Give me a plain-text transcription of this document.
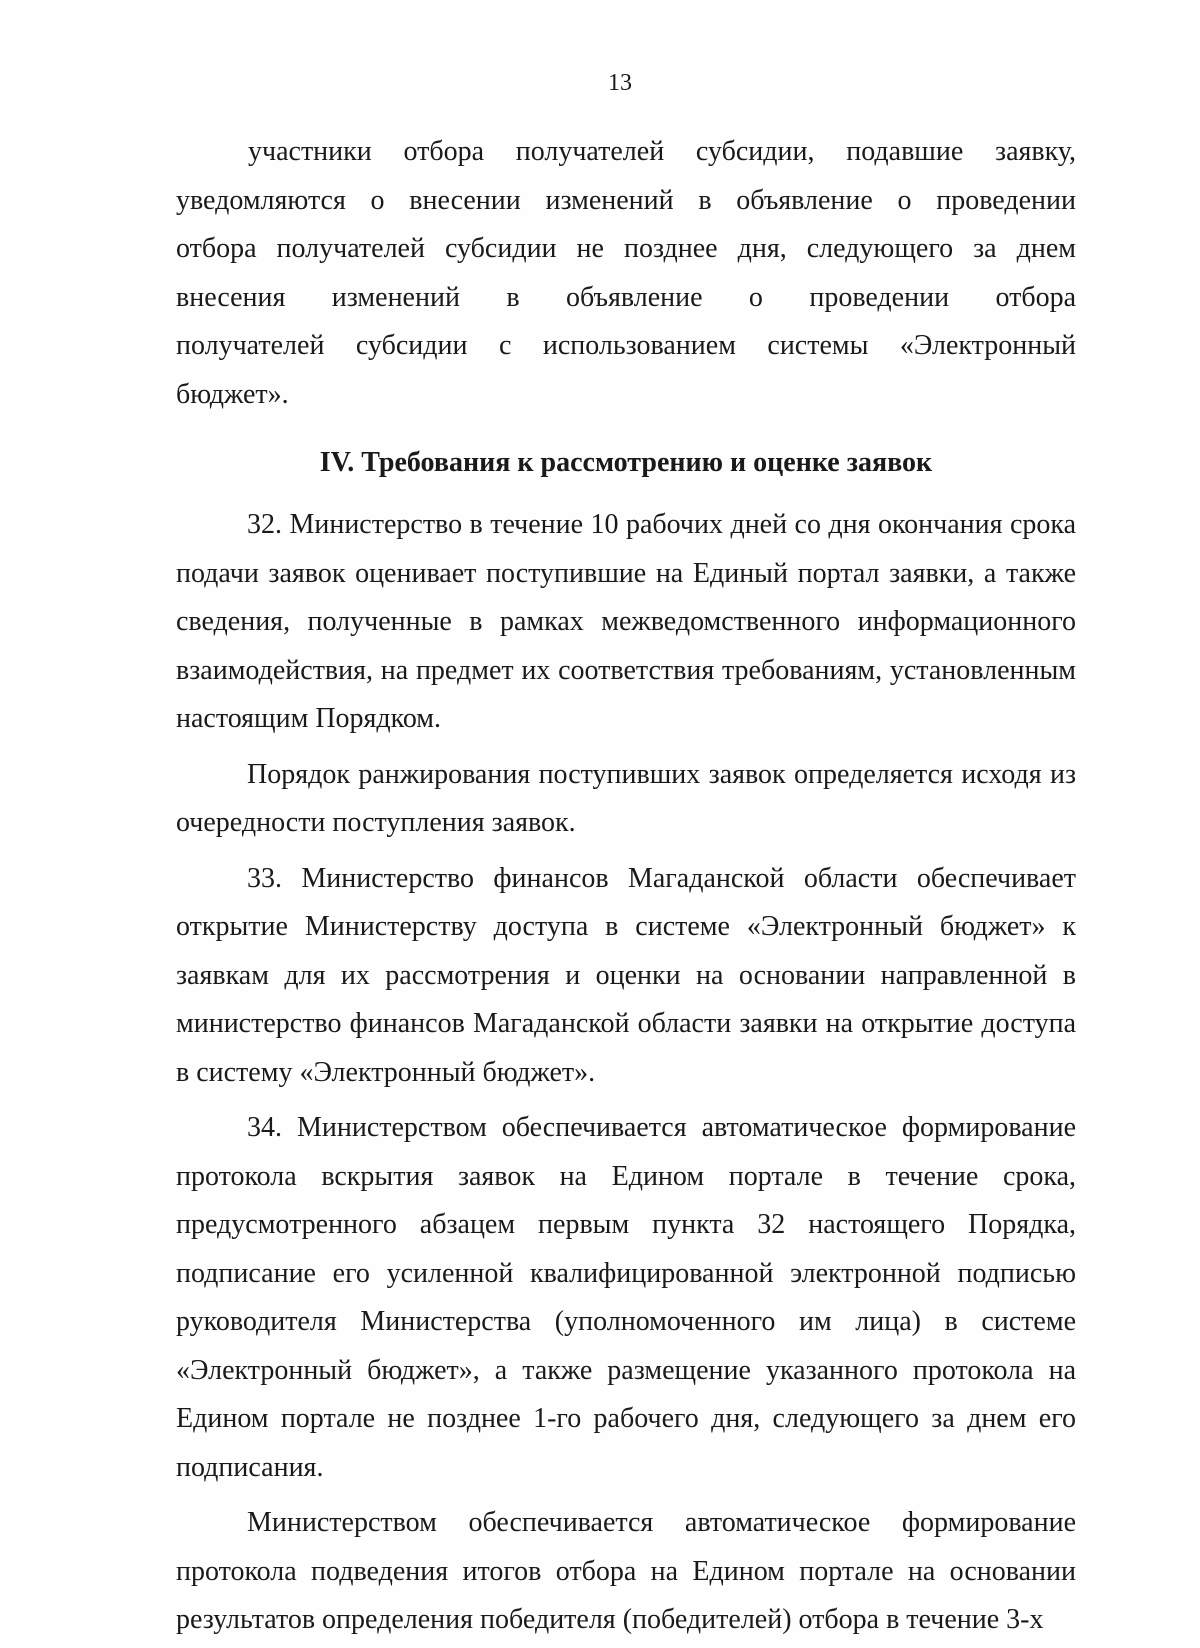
13

участники отбора получателей субсидии, подавшие заявку, уведомляются о внесении изменений в объявление о проведении отбора получателей субсидии не позднее дня, следующего за днем внесения изменений в объявление о проведении отбора получателей субсидии с использованием системы «Электронный бюджет».

IV. Требования к рассмотрению и оценке заявок

32. Министерство в течение 10 рабочих дней со дня окончания срока подачи заявок оценивает поступившие на Единый портал заявки, а также сведения, полученные в рамках межведомственного информационного взаимодействия, на предмет их соответствия требованиям, установленным настоящим Порядком.

Порядок ранжирования поступивших заявок определяется исходя из очередности поступления заявок.

33. Министерство финансов Магаданской области обеспечивает открытие Министерству доступа в системе «Электронный бюджет» к заявкам для их рассмотрения и оценки на основании направленной в министерство финансов Магаданской области заявки на открытие доступа в систему «Электронный бюджет».

34. Министерством обеспечивается автоматическое формирование протокола вскрытия заявок на Едином портале в течение срока, предусмотренного абзацем первым пункта 32 настоящего Порядка, подписание его усиленной квалифицированной электронной подписью руководителя Министерства (уполномоченного им лица) в системе «Электронный бюджет», а также размещение указанного протокола на Едином портале не позднее 1-го рабочего дня, следующего за днем его подписания.

Министерством обеспечивается автоматическое формирование протокола подведения итогов отбора на Едином портале на основании результатов определения победителя (победителей) отбора в течение 3-х
